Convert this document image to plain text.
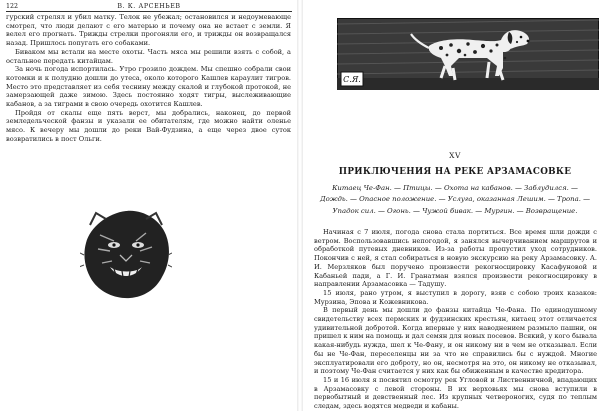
122	В. К. АРСЕНЬЕВ

гурский стрелял и убил матку. Телок не убежал; остановился и недоумевающе смотрел, что люди делают с его матерью и почему она не встает с земли. Я велел его прогнать. Трижды стрелки прогоняли его, и трижды он возвращался назад. Пришлось попугать его собаками.

Бивaком мы встали на месте охоты. Часть мяса мы решили взять с собой, а остальное передать китайцам.

За ночь погода испортилась. Утро грозило дождем. Мы спешно собрали свои котомки и к полудню дошли до утеса, около которого Кашлев караулит тигров. Место это представляет из себя теснину между скалой и глубокой протокой, не замерзающей даже зимою. Здесь постоянно ходят тигры, выслеживающие кабанов, а за тиграми в свою очередь охотится Кашлев.

Пройдя от скалы еще пять верст, мы добрались, наконец, до первой земледельческой фанзы и указали ее обитателям, где можно найти оленье мясо. К вечеру мы дошли до реки Вай-Фудзина, а еще через двое суток возвратились в пост Ольги.

С.Я.
XV
ПРИКЛЮЧЕНИЯ НА РЕКЕ АРЗАМАСОВКЕ
Китаец Че-Фан. — Птицы. — Охота на кабанов. — Заблудился. — Дождь. — Опасное положение. — Услуга, оказанная Лешим. — Тропа. — Упадок сил. — Огонь. — Чужой бивак. — Мургин. — Возвращение.

Начиная с 7 июля, погода снова стала портиться. Все время шли дожди с ветром. Воспользовавшись непогодой, я занялся вычерчиванием маршрутов и обработкой путевых дневников. Из-за работы пропустил уход сотрудников. Покончив с ней, я стал собираться в новую экскурсию на реку Арзамасовку. А. И. Мерзляков был поручено произвести рекогносцировку Касафуновой и Кабаньей пади, а Г. И. Гранатман взялся произвести рекогносцировку в направлении Арзамасовка — Тадушу.

15 июля, рано утром, я выступил в дорогу, взяв с собою троих казаков: Мурзина, Эпова и Кожевникова.

В первый день мы дошли до фанзы китайца Че-Фана. По единодушному свидетельству всех пермских и фудзинских крестьян, китаец этот отличается удивительной добротой. Когда впервые у них наводнением размыло пашни, он пришел к ним на помощь и дал семян для новых посевов. Всякий, у кого бывала какая-нибудь нужда, шел к Че-Фану, и он никому ни в чем не отказывал. Если бы не Че-Фан, переселенцы ни за что не справились бы с нуждой. Многие эксплуатировали его доброту, но он, несмотря на это, он никому не отказывал, и поэтому Че-Фан считается у них как бы обиженным в качестве кредитора.

15 и 16 июля я посвятил осмотру рек Угловой и Лиственничной, впадающих в Арзамасовку с левой стороны. В их верховьях мы снова вступили в первобытный и девственный лес. Из крупных четвероногих, судя по теплым следам, здесь водятся медведи и кабаны.
